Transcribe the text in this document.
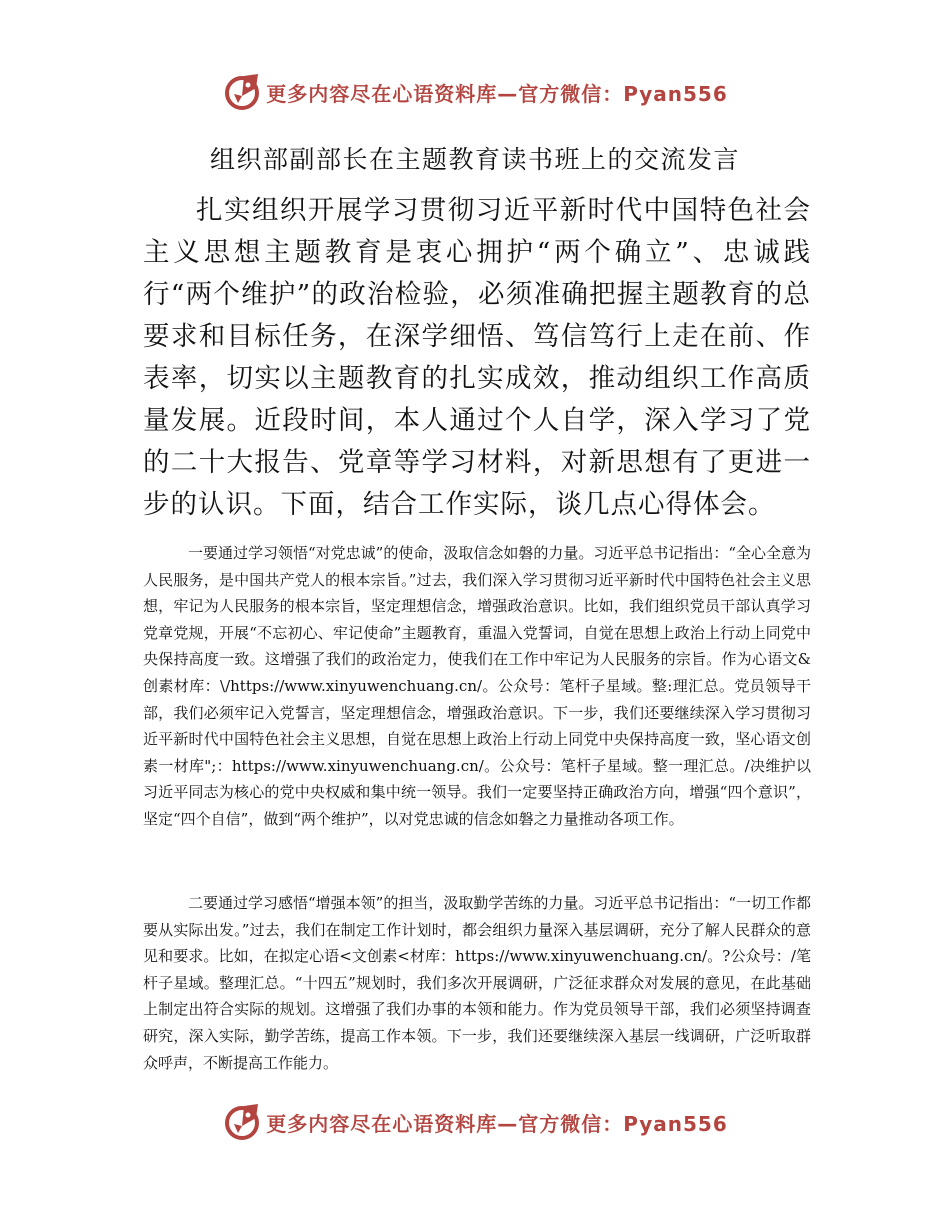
更多内容尽在心语资料库—官方微信：Pyan556
组织部副部长在主题教育读书班上的交流发言

扎实组织开展学习贯彻习近平新时代中国特色社会主义思想主题教育是衷心拥护“两个确立”、忠诚践行“两个维护”的政治检验，必须准确把握主题教育的总要求和目标任务，在深学细悟、笃信笃行上走在前、作表率，切实以主题教育的扎实成效，推动组织工作高质量发展。近段时间，本人通过个人自学，深入学习了党的二十大报告、党章等学习材料，对新思想有了更进一步的认识。下面，结合工作实际，谈几点心得体会。

一要通过学习领悟“对党忠诚”的使命，汲取信念如磐的力量。习近平总书记指出：“全心全意为人民服务，是中国共产党人的根本宗旨。”过去，我们深入学习贯彻习近平新时代中国特色社会主义思想，牢记为人民服务的根本宗旨，坚定理想信念，增强政治意识。比如，我们组织党员干部认真学习党章党规，开展“不忘初心、牢记使命”主题教育，重温入党誓词，自觉在思想上政治上行动上同党中央保持高度一致。这增强了我们的政治定力，使我们在工作中牢记为人民服务的宗旨。作为心语文&创素材库：\/https://www.xinyuwenchuang.cn/。公众号：笔杆子星域。整:理汇总。党员领导干部，我们必须牢记入党誓言，坚定理想信念，增强政治意识。下一步，我们还要继续深入学习贯彻习近平新时代中国特色社会主义思想，自觉在思想上政治上行动上同党中央保持高度一致，坚心语文创素一材库";：https://www.xinyuwenchuang.cn/。公众号：笔杆子星域。整一理汇总。/决维护以习近平同志为核心的党中央权威和集中统一领导。我们一定要坚持正确政治方向，增强“四个意识”，坚定“四个自信”，做到“两个维护”，以对党忠诚的信念如磐之力量推动各项工作。

二要通过学习感悟“增强本领”的担当，汲取勤学苦练的力量。习近平总书记指出：“一切工作都要从实际出发。”过去，我们在制定工作计划时，都会组织力量深入基层调研，充分了解人民群众的意见和要求。比如，在拟定心语<文创素<材库：https://www.xinyuwenchuang.cn/。?公众号：/笔杆子星域。整理汇总。“十四五”规划时，我们多次开展调研，广泛征求群众对发展的意见，在此基础上制定出符合实际的规划。这增强了我们办事的本领和能力。作为党员领导干部，我们必须坚持调查研究，深入实际，勤学苦练，提高工作本领。下一步，我们还要继续深入基层一线调研，广泛听取群众呼声，不断提高工作能力。

更多内容尽在心语资料库—官方微信：Pyan556
